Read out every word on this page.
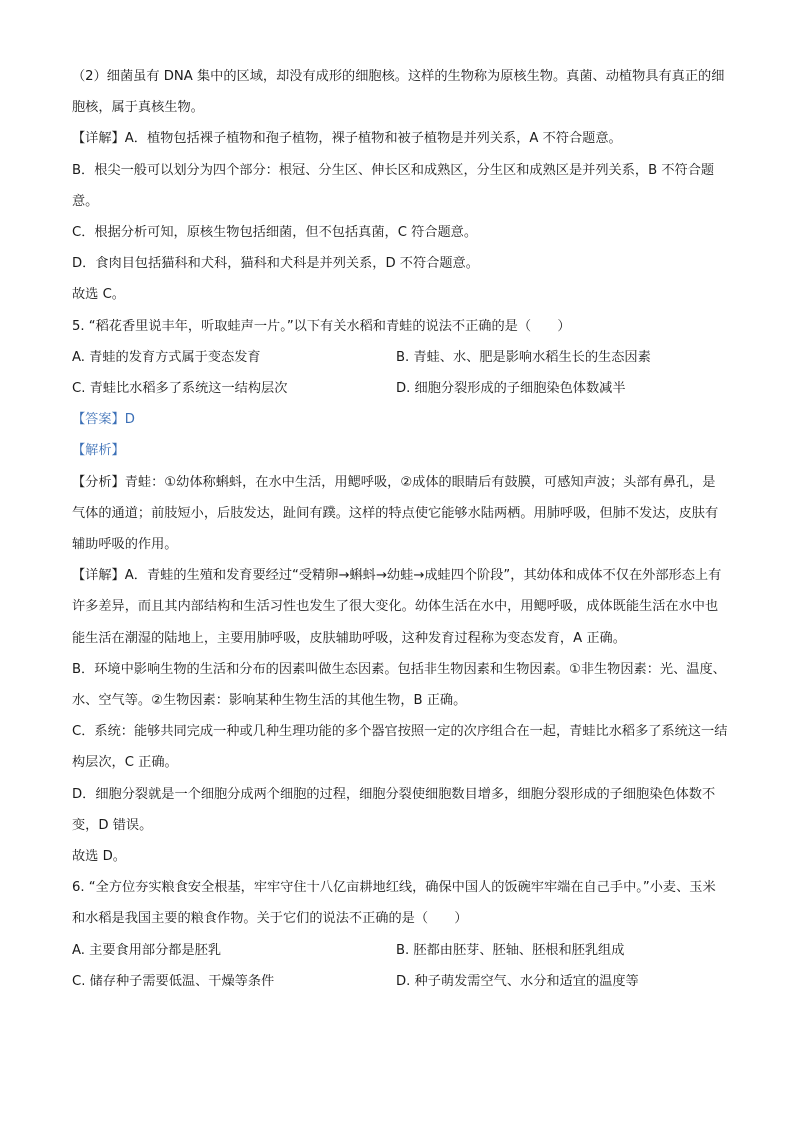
（2）细菌虽有 DNA 集中的区域，却没有成形的细胞核。这样的生物称为原核生物。真菌、动植物具有真正的细胞核，属于真核生物。

【详解】A．植物包括裸子植物和孢子植物，裸子植物和被子植物是并列关系，A 不符合题意。

B．根尖一般可以划分为四个部分：根冠、分生区、伸长区和成熟区，分生区和成熟区是并列关系，B 不符合题意。

C．根据分析可知，原核生物包括细菌，但不包括真菌，C 符合题意。

D．食肉目包括猫科和犬科，猫科和犬科是并列关系，D 不符合题意。

故选 C。

5. “稻花香里说丰年，听取蛙声一片。”以下有关水稻和青蛙的说法不正确的是（　　）

A. 青蛙的发育方式属于变态发育	B. 青蛙、水、肥是影响水稻生长的生态因素
C. 青蛙比水稻多了系统这一结构层次	D. 细胞分裂形成的子细胞染色体数减半

【答案】D

【解析】

【分析】青蛙：①幼体称蝌蚪，在水中生活，用鳃呼吸，②成体的眼睛后有鼓膜，可感知声波；头部有鼻孔，是气体的通道；前肢短小，后肢发达，趾间有蹼。这样的特点使它能够水陆两栖。用肺呼吸，但肺不发达，皮肤有辅助呼吸的作用。

【详解】A．青蛙的生殖和发育要经过“受精卵→蝌蚪→幼蛙→成蛙四个阶段”，其幼体和成体不仅在外部形态上有许多差异，而且其内部结构和生活习性也发生了很大变化。幼体生活在水中，用鳃呼吸，成体既能生活在水中也能生活在潮湿的陆地上，主要用肺呼吸，皮肤辅助呼吸，这种发育过程称为变态发育，A 正确。

B．环境中影响生物的生活和分布的因素叫做生态因素。包括非生物因素和生物因素。①非生物因素：光、温度、水、空气等。②生物因素：影响某种生物生活的其他生物，B 正确。

C．系统：能够共同完成一种或几种生理功能的多个器官按照一定的次序组合在一起，青蛙比水稻多了系统这一结构层次，C 正确。

D．细胞分裂就是一个细胞分成两个细胞的过程，细胞分裂使细胞数目增多，细胞分裂形成的子细胞染色体数不变，D 错误。

故选 D。

6. “全方位夯实粮食安全根基，牢牢守住十八亿亩耕地红线，确保中国人的饭碗牢牢端在自己手中。”小麦、玉米和水稻是我国主要的粮食作物。关于它们的说法不正确的是（　　）

A. 主要食用部分都是胚乳	B. 胚都由胚芽、胚轴、胚根和胚乳组成
C. 储存种子需要低温、干燥等条件	D. 种子萌发需空气、水分和适宜的温度等
